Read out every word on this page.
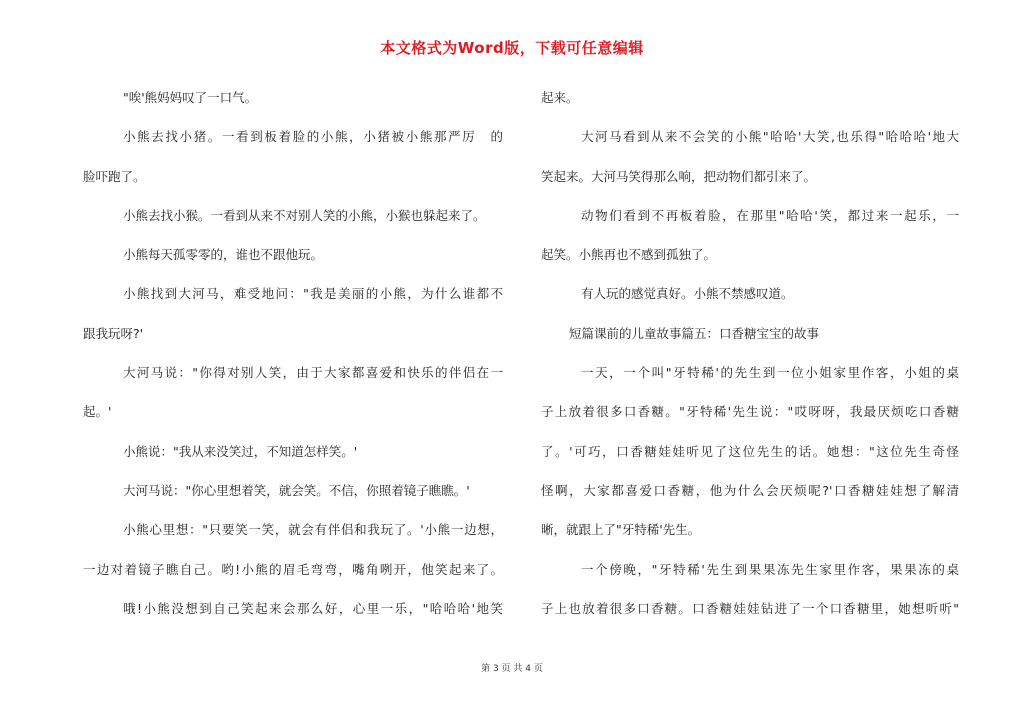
本文格式为Word版，下载可任意编辑
"唉'熊妈妈叹了一口气。
小熊去找小猪。一看到板着脸的小熊，小猪被小熊那严厉　的
脸吓跑了。
小熊去找小猴。一看到从来不对别人笑的小熊，小猴也躲起来了。
小熊每天孤零零的，谁也不跟他玩。
小熊找到大河马，难受地问："我是美丽的小熊，为什么谁都不
跟我玩呀?'
大河马说："你得对别人笑，由于大家都喜爱和快乐的伴侣在一
起。'
小熊说："我从来没笑过，不知道怎样笑。'
大河马说："你心里想着笑，就会笑。不信，你照着镜子瞧瞧。'
小熊心里想："只要笑一笑，就会有伴侣和我玩了。'小熊一边想，
一边对着镜子瞧自己。哟!小熊的眉毛弯弯，嘴角咧开，他笑起来了。
哦!小熊没想到自己笑起来会那么好，心里一乐，"哈哈哈'地笑
起来。
大河马看到从来不会笑的小熊"哈哈'大笑,也乐得"哈哈哈'地大
笑起来。大河马笑得那么响，把动物们都引来了。
动物们看到不再板着脸，在那里"哈哈'笑，都过来一起乐，一
起笑。小熊再也不感到孤独了。
有人玩的感觉真好。小熊不禁感叹道。
短篇课前的儿童故事篇五：口香糖宝宝的故事
一天，一个叫"牙特稀'的先生到一位小姐家里作客，小姐的桌
子上放着很多口香糖。"牙特稀'先生说："哎呀呀，我最厌烦吃口香糖
了。'可巧，口香糖娃娃听见了这位先生的话。她想："这位先生奇怪
怪啊，大家都喜爱口香糖，他为什么会厌烦呢?'口香糖娃娃想了解清
晰，就跟上了"牙特稀'先生。
一个傍晚，"牙特稀'先生到果果冻先生家里作客，果果冻的桌
子上也放着很多口香糖。口香糖娃娃钻进了一个口香糖里，她想听听"
第 3 页 共 4 页
